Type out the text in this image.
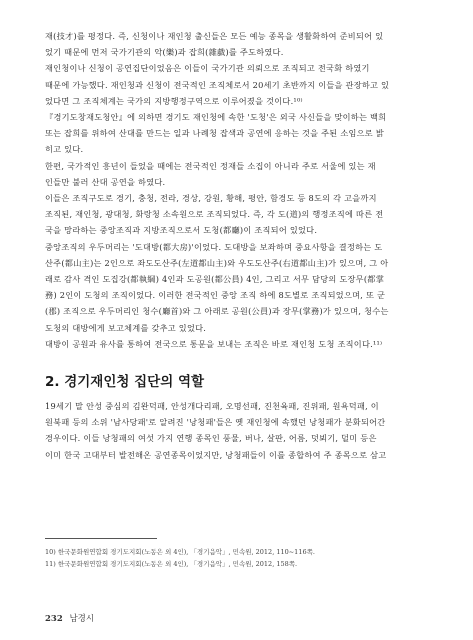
재(技才)를 평정다. 즉, 신청이나 재인청 출신들은 모든 예능 종목을 생활화하여 준비되어 있

었기 때문에 먼저 국가기관의 악(樂)과 잡희(雜戱)를 주도하였다.

재인청이나 신청이 공연집단이었음은 이들이 국가기관 의뢰으로 조직되고 전국화 하였기

때문에 가능했다. 재인청과 신청이 전국적인 조직체로서 20세기 초반까지 이들을 관장하고 있

었다면 그 조직체계는 국가의 지방행정구역으로 이루어졌을 것이다.¹⁰⁾

『경기도창재도청안』에 의하면 경기도 재인청에 속한 '도청'은 외국 사신들을 맞이하는 백희

또는 잡희를 위하여 산대를 만드는 일과 나례청 잡색과 공연에 응하는 것을 주된 소임으로 밝

히고 있다.

한편, 국가적인 흥년이 들었을 때에는 전국적인 정재들 소집이 아니라 주로 서울에 있는 재

인들만 불러 산대 공연을 하였다.

이들은 조직구도로 경기, 충청, 전라, 경상, 강원, 황해, 평안, 함경도 등 8도의 각 고을까지

조직된, 재인청, 광대청, 화랑청 소속원으로 조직되었다. 즉, 각 도(道)의 행정조직에 따른 전

국을 망라하는 중앙조직과 지방조직으로서 도청(都廳)이 조직되어 있었다.

중앙조직의 우두머리는 '도대방(都大房)'이었다. 도대방을 보좌하며 중요사항을 결정하는 도

산주(都山主)는 2인으로 좌도도산주(左道都山主)와 우도도산주(右道都山主)가 있으며, 그 아

래로 감사 격인 도집강(都執綱) 4인과 도공원(都公員) 4인, 그리고 서무 담당의 도장무(都掌

務) 2인이 도청의 조직이었다. 이러한 전국적인 중앙 조직 하에 8도별로 조직되었으며, 또 군

(郡) 조직으로 우두머리인 청수(廳首)와 그 아래로 공원(公員)과 장무(掌務)가 있으며, 청수는

도청의 대방에게 보고체계를 갖추고 있었다.

대방이 공원과 유사를 통하여 전국으로 통문을 보내는 조직은 바로 재인청 도청 조직이다.¹¹⁾

2. 경기재인청 집단의 역할

19세기 말 안성 중심의 김완덕패, 안성개다리패, 오명선패, 진천육패, 진위패, 원욕덕패, 이

원북패 등의 소위 '남사당패'로 알려진 '낭청패'들은 옛 재인청에 속했던 낭청패가 분화되어간

경우이다. 이들 낭청패의 여섯 가지 연행 종목인 풍물, 버나, 살판, 어름, 덧뵈기, 덜미 등은

이미 한국 고대부터 발전해온 공연종목이었지만, 낭청패들이 이를 종합하여 주 종목으로 삼고

10) 한국문화원연합회 경기도지회(노동은 외 4인), 「경기음악」, 민속원, 2012, 110~116쪽.

11) 한국문화원연합회 경기도지회(노동은 외 4인), 「경기음악」, 민속원, 2012, 158쪽.

232 남경시
